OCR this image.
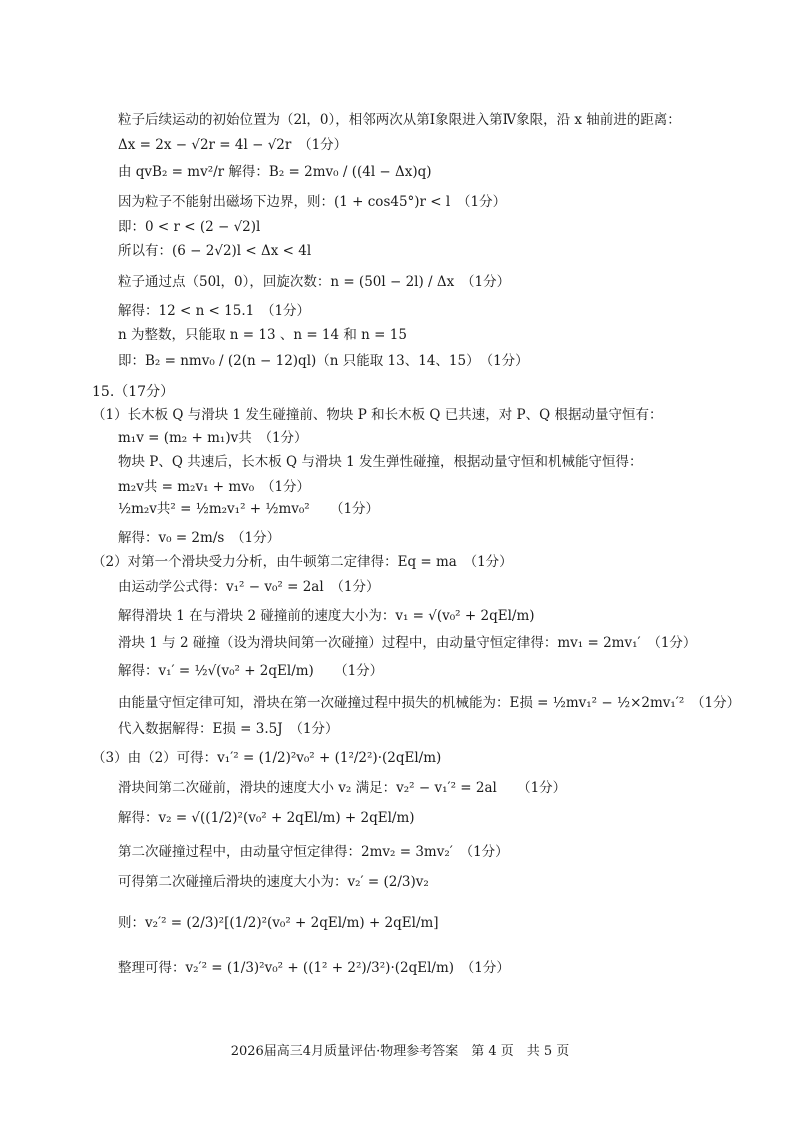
粒子后续运动的初始位置为（2l，0），相邻两次从第Ⅰ象限进入第Ⅳ象限，沿 x 轴前进的距离：
Δx = 2x − √2r = 4l − √2r　（1分）
由 qvB₂ = mv²/r 解得：B₂ = 2mv₀ / ((4l − Δx)q)
因为粒子不能射出磁场下边界，则：(1 + cos45°)r < l　（1分）
即：0 < r < (2 − √2)l
所以有：(6 − 2√2)l < Δx < 4l
粒子通过点（50l，0），回旋次数：n = (50l − 2l) / Δx　（1分）
解得：12 < n < 15.1　（1分）
n 为整数，只能取 n = 13 、n = 14 和 n = 15
即：B₂ = nmv₀ / (2(n − 12)ql)（n 只能取 13、14、15）　（1分）
15.（17分）
（1）长木板 Q 与滑块 1 发生碰撞前、物块 P 和长木板 Q 已共速，对 P、Q 根据动量守恒有：
m₁v = (m₂ + m₁)v共　（1分）
物块 P、Q 共速后，长木板 Q 与滑块 1 发生弹性碰撞，根据动量守恒和机械能守恒得：
m₂v共 = m₂v₁ + mv₀　（1分）
½m₂v共² = ½m₂v₁² + ½mv₀²　　（1分）
解得：v₀ = 2m/s　（1分）
（2）对第一个滑块受力分析，由牛顿第二定律得：Eq = ma　（1分）
由运动学公式得：v₁² − v₀² = 2al　（1分）
解得滑块 1 在与滑块 2 碰撞前的速度大小为：v₁ = √(v₀² + 2qEl/m)
滑块 1 与 2 碰撞（设为滑块间第一次碰撞）过程中，由动量守恒定律得：mv₁ = 2mv₁′　（1分）
解得：v₁′ = ½√(v₀² + 2qEl/m)　　（1分）
由能量守恒定律可知，滑块在第一次碰撞过程中损失的机械能为：E损 = ½mv₁² − ½×2mv₁′²　（1分）
代入数据解得：E损 = 3.5J　（1分）
（3）由（2）可得：v₁′² = (1/2)²v₀² + (1²/2²)·(2qEl/m)
滑块间第二次碰前，滑块的速度大小 v₂ 满足：v₂² − v₁′² = 2al　　（1分）
解得：v₂ = √((1/2)²(v₀² + 2qEl/m) + 2qEl/m)
第二次碰撞过程中，由动量守恒定律得：2mv₂ = 3mv₂′　（1分）
可得第二次碰撞后滑块的速度大小为：v₂′ = (2/3)v₂
则：v₂′² = (2/3)²[(1/2)²(v₀² + 2qEl/m) + 2qEl/m]
整理可得：v₂′² = (1/3)²v₀² + ((1² + 2²)/3²)·(2qEl/m)　（1分）
2026届高三4月质量评估·物理参考答案　第 4 页　共 5 页
